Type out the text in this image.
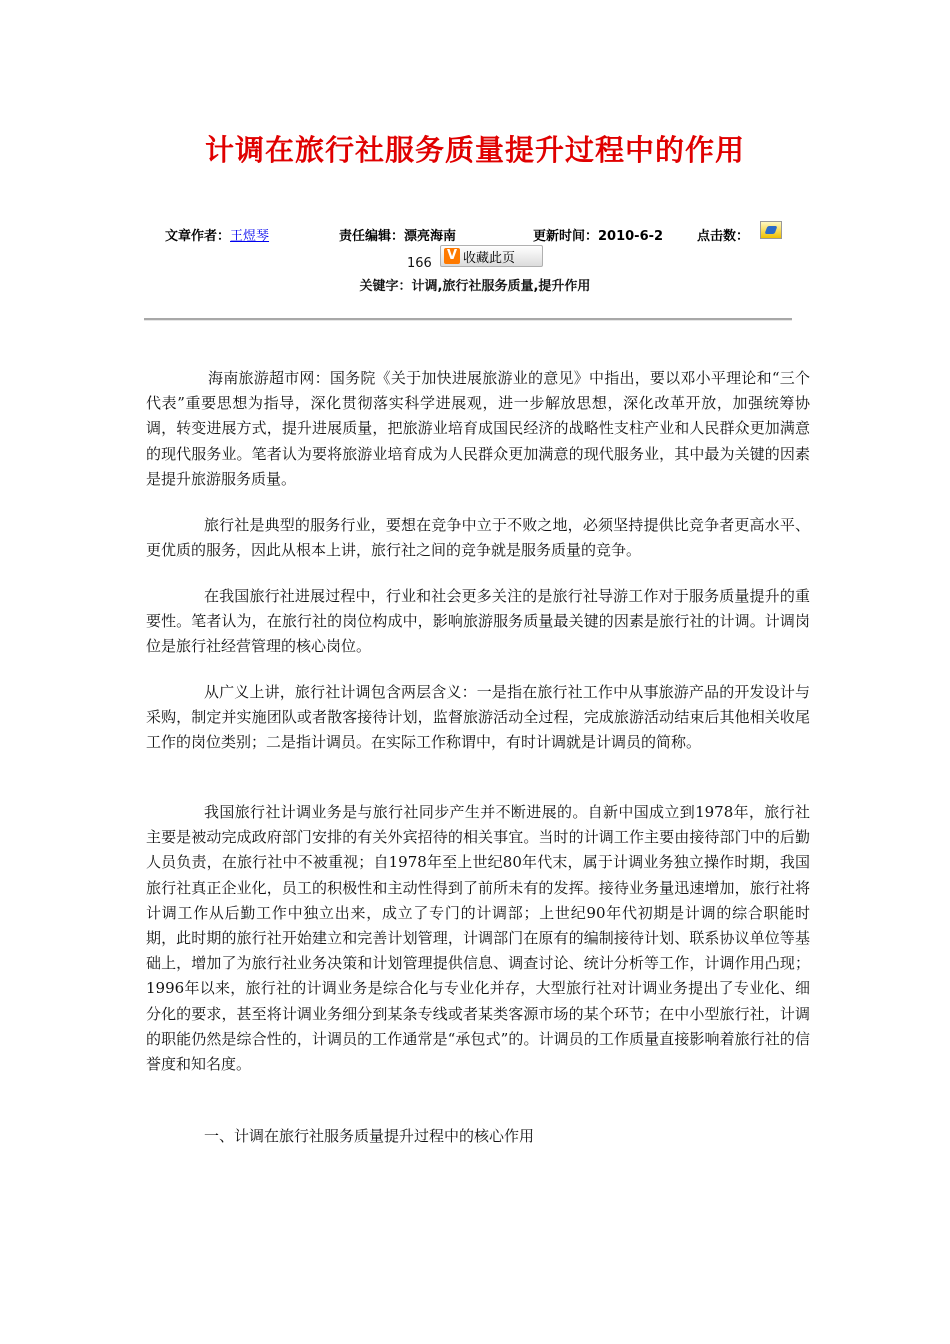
计调在旅行社服务质量提升过程中的作用
文章作者：王煜琴	责任编辑：漂亮海南	更新时间：2010-6-2	点击数：
166
V 收藏此页
关键字：计调,旅行社服务质量,提升作用

海南旅游超市网：国务院《关于加快进展旅游业的意见》中指出，要以邓小平理论和“三个代表”重要思想为指导，深化贯彻落实科学进展观，进一步解放思想，深化改革开放，加强统筹协调，转变进展方式，提升进展质量，把旅游业培育成国民经济的战略性支柱产业和人民群众更加满意的现代服务业。笔者认为要将旅游业培育成为人民群众更加满意的现代服务业，其中最为关键的因素是提升旅游服务质量。

旅行社是典型的服务行业，要想在竞争中立于不败之地，必须坚持提供比竞争者更高水平、更优质的服务，因此从根本上讲，旅行社之间的竞争就是服务质量的竞争。

在我国旅行社进展过程中，行业和社会更多关注的是旅行社导游工作对于服务质量提升的重要性。笔者认为，在旅行社的岗位构成中，影响旅游服务质量最关键的因素是旅行社的计调。计调岗位是旅行社经营管理的核心岗位。

从广义上讲，旅行社计调包含两层含义：一是指在旅行社工作中从事旅游产品的开发设计与采购，制定并实施团队或者散客接待计划，监督旅游活动全过程，完成旅游活动结束后其他相关收尾工作的岗位类别；二是指计调员。在实际工作称谓中，有时计调就是计调员的简称。

我国旅行社计调业务是与旅行社同步产生并不断进展的。自新中国成立到1978年，旅行社主要是被动完成政府部门安排的有关外宾招待的相关事宜。当时的计调工作主要由接待部门中的后勤人员负责，在旅行社中不被重视；自1978年至上世纪80年代末，属于计调业务独立操作时期，我国旅行社真正企业化，员工的积极性和主动性得到了前所未有的发挥。接待业务量迅速增加，旅行社将计调工作从后勤工作中独立出来，成立了专门的计调部；上世纪90年代初期是计调的综合职能时期，此时期的旅行社开始建立和完善计划管理，计调部门在原有的编制接待计划、联系协议单位等基础上，增加了为旅行社业务决策和计划管理提供信息、调查讨论、统计分析等工作，计调作用凸现；1996年以来，旅行社的计调业务是综合化与专业化并存，大型旅行社对计调业务提出了专业化、细分化的要求，甚至将计调业务细分到某条专线或者某类客源市场的某个环节；在中小型旅行社，计调的职能仍然是综合性的，计调员的工作通常是“承包式”的。计调员的工作质量直接影响着旅行社的信誉度和知名度。

一、计调在旅行社服务质量提升过程中的核心作用
